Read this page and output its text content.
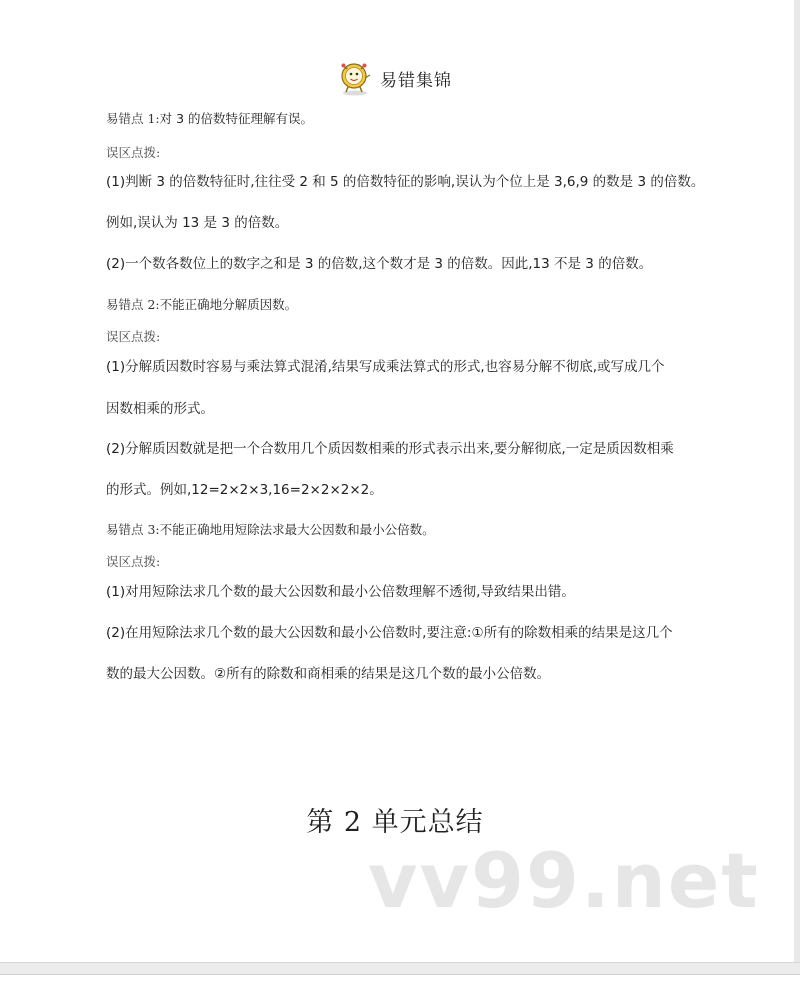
易错集锦
易错点 1:对 3 的倍数特征理解有误。
误区点拨:
(1)判断 3 的倍数特征时,往往受 2 和 5 的倍数特征的影响,误认为个位上是 3,6,9 的数是 3 的倍数。
例如,误认为 13 是 3 的倍数。
(2)一个数各数位上的数字之和是 3 的倍数,这个数才是 3 的倍数。因此,13 不是 3 的倍数。
易错点 2:不能正确地分解质因数。
误区点拨:
(1)分解质因数时容易与乘法算式混淆,结果写成乘法算式的形式,也容易分解不彻底,或写成几个
因数相乘的形式。
(2)分解质因数就是把一个合数用几个质因数相乘的形式表示出来,要分解彻底,一定是质因数相乘
的形式。例如,12=2×2×3,16=2×2×2×2。
易错点 3:不能正确地用短除法求最大公因数和最小公倍数。
误区点拨:
(1)对用短除法求几个数的最大公因数和最小公倍数理解不透彻,导致结果出错。
(2)在用短除法求几个数的最大公因数和最小公倍数时,要注意:①所有的除数相乘的结果是这几个
数的最大公因数。②所有的除数和商相乘的结果是这几个数的最小公倍数。
第 2 单元总结
vv99.net
